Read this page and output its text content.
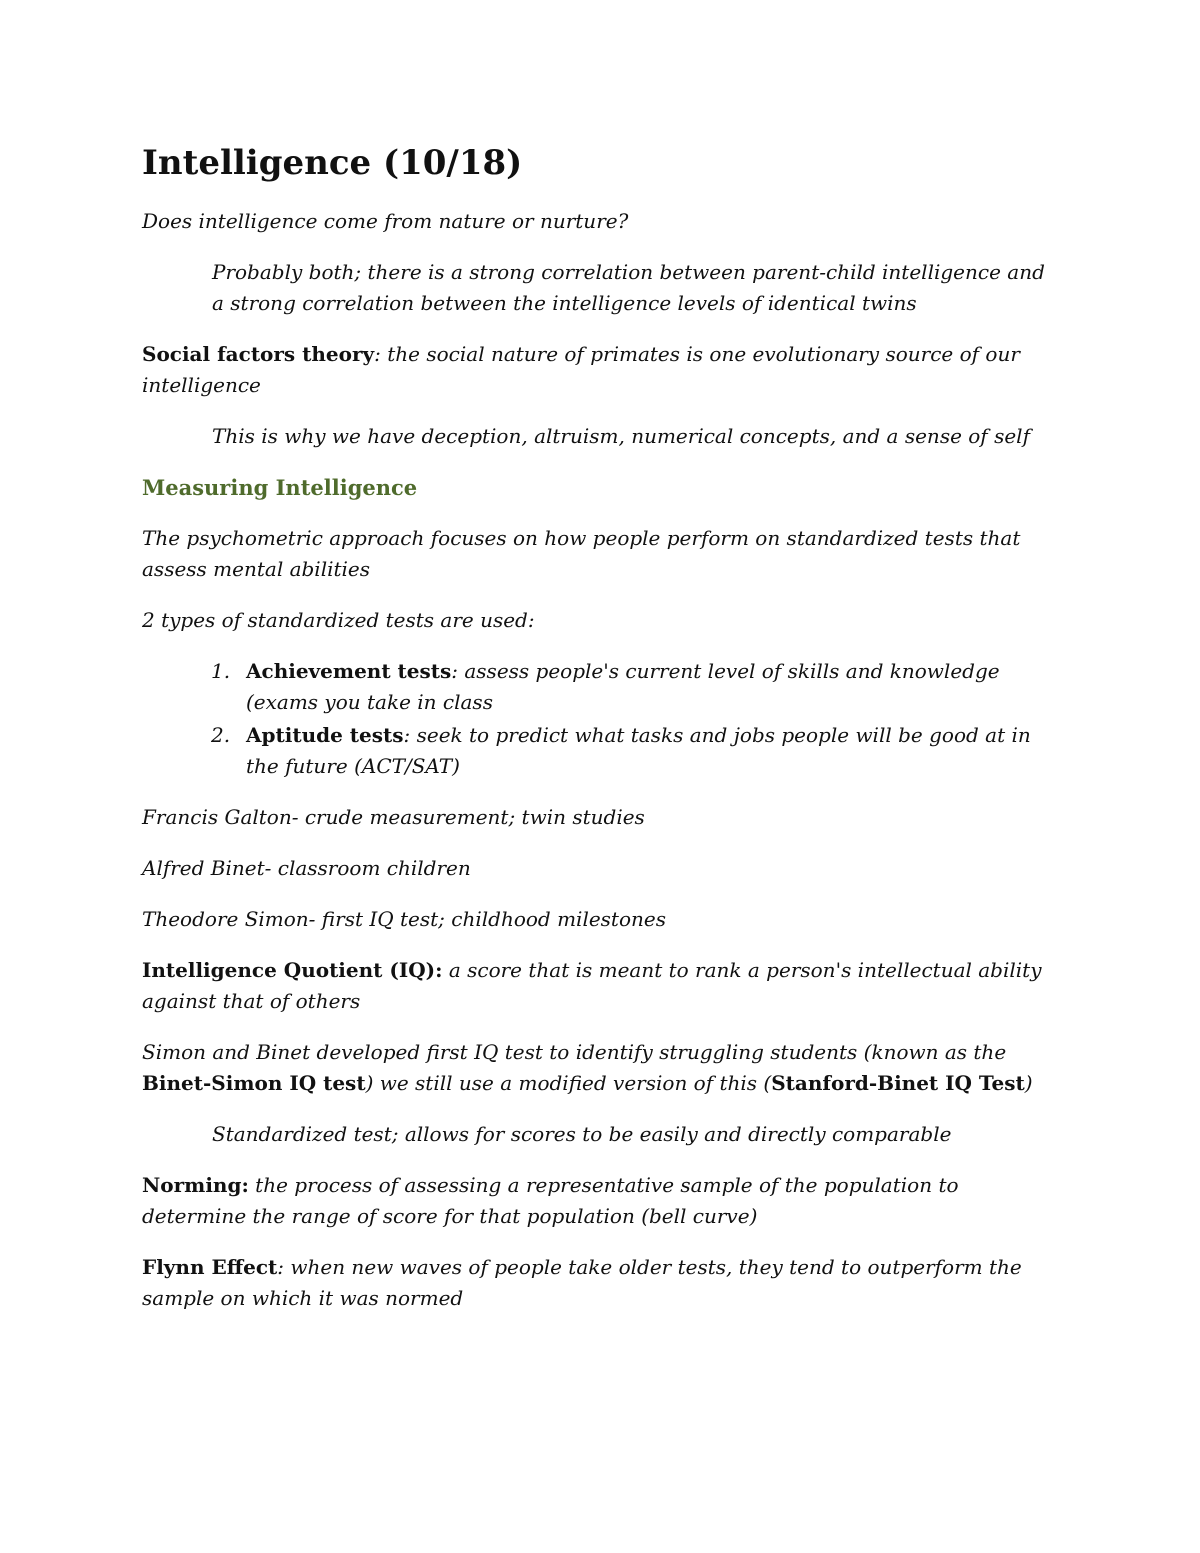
Intelligence (10/18)

Does intelligence come from nature or nurture?

Probably both; there is a strong correlation between parent-child intelligence and a strong correlation between the intelligence levels of identical twins

Social factors theory: the social nature of primates is one evolutionary source of our intelligence

This is why we have deception, altruism, numerical concepts, and a sense of self

Measuring Intelligence

The psychometric approach focuses on how people perform on standardized tests that assess mental abilities

2 types of standardized tests are used:

1. Achievement tests: assess people's current level of skills and knowledge (exams you take in class
2. Aptitude tests: seek to predict what tasks and jobs people will be good at in the future (ACT/SAT)

Francis Galton- crude measurement; twin studies

Alfred Binet- classroom children

Theodore Simon- first IQ test; childhood milestones

Intelligence Quotient (IQ): a score that is meant to rank a person's intellectual ability against that of others

Simon and Binet developed first IQ test to identify struggling students (known as the Binet-Simon IQ test) we still use a modified version of this (Stanford-Binet IQ Test)

Standardized test; allows for scores to be easily and directly comparable

Norming: the process of assessing a representative sample of the population to determine the range of score for that population (bell curve)

Flynn Effect: when new waves of people take older tests, they tend to outperform the sample on which it was normed
